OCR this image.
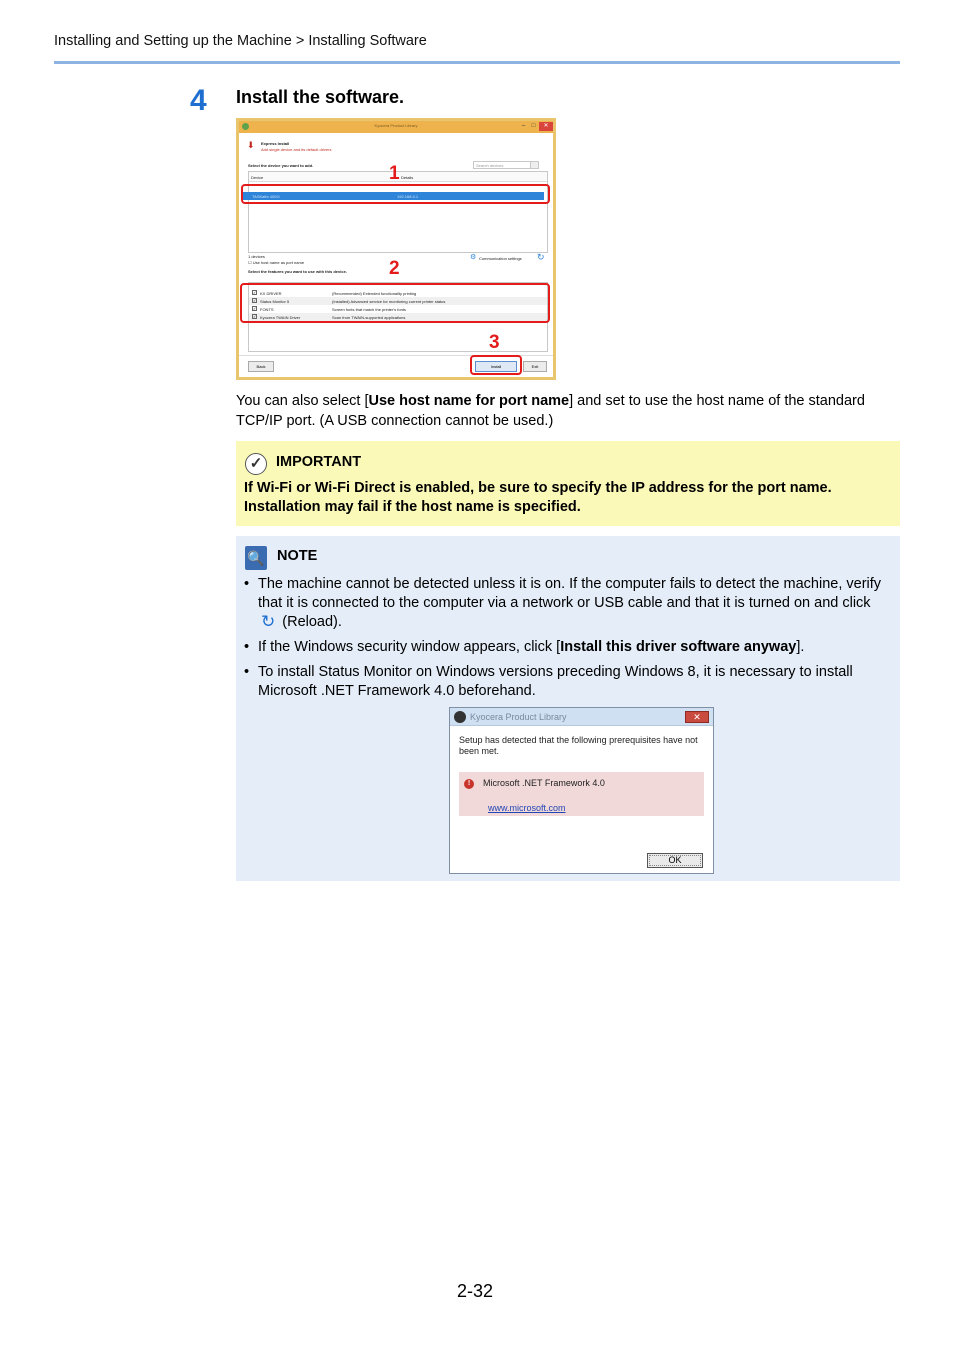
Installing and Setting up the Machine > Installing Software
4 Install the software.
Kyocera Product Library	–	□	✕
⬇ Express Install
Add single device and its default drivers
Select the device you want to add.	Search devices
Device	Details
TASKalfa 4002i	192.168.0.1
1 devices
☐ Use host name as port name
⚙ Communication settings ↻
Select the features you want to use with this device.
✓ KX DRIVER	(Recommended) Extended functionality printing
✓ Status Monitor 5	(Installed) Advanced service for monitoring current printer status
✓ FONTS	Screen fonts that match the printer's fonts
✓ Kyocera TWAIN Driver	Scan from TWAIN-supported applications
Back	Install	Exit
1
2
3
You can also select [Use host name for port name] and set to use the host name of the standard TCP/IP port. (A USB connection cannot be used.)
✓ IMPORTANT
If Wi-Fi or Wi-Fi Direct is enabled, be sure to specify the IP address for the port name. Installation may fail if the host name is specified.
🔍 NOTE
• The machine cannot be detected unless it is on. If the computer fails to detect the machine, verify that it is connected to the computer via a network or USB cable and that it is turned on and click ↻ (Reload).
• If the Windows security window appears, click [Install this driver software anyway].
• To install Status Monitor on Windows versions preceding Windows 8, it is necessary to install Microsoft .NET Framework 4.0 beforehand.
Kyocera Product Library	✕
Setup has detected that the following prerequisites have not been met.
!	Microsoft .NET Framework 4.0
www.microsoft.com
OK
2-32
